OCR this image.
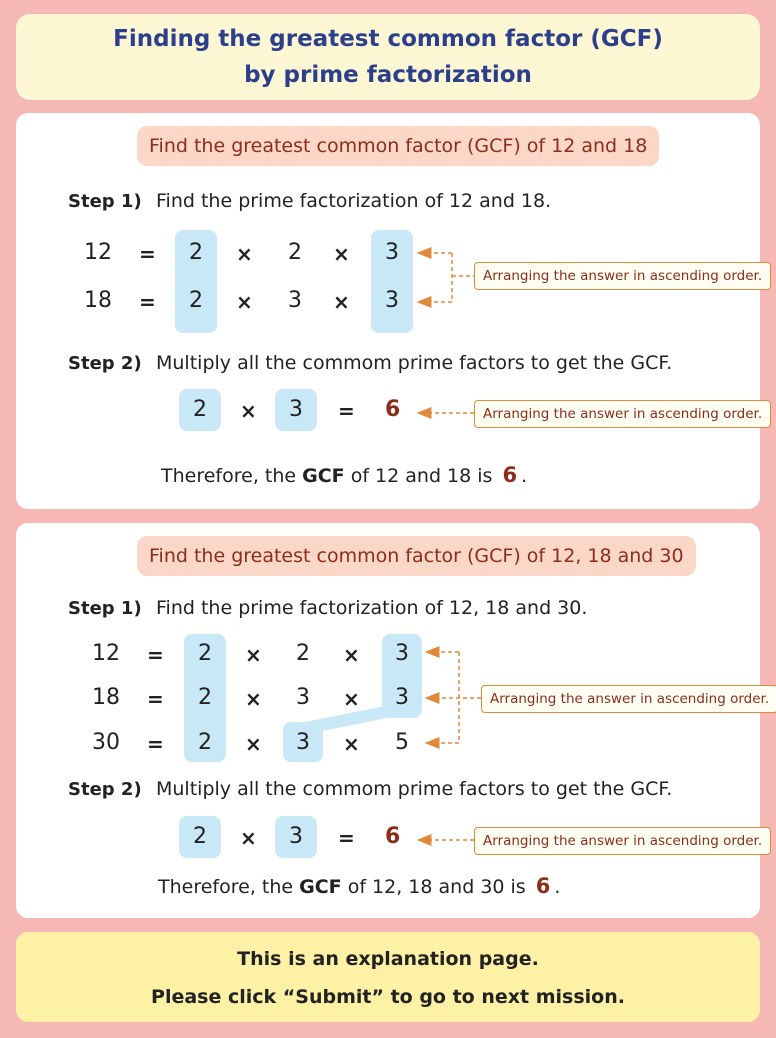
Finding the greatest common factor (GCF)
by prime factorization
Find the greatest common factor (GCF) of 12 and 18
Step 1) Find the prime factorization of 12 and 18.
12 =	2	×	2	×	3
18 =	2	×	3	×	3
Arranging the answer in ascending order.
Step 2) Multiply all the commom prime factors to get the GCF.
2	×	3	= 6	Arranging the answer in ascending order.
Therefore, the GCF of 12 and 18 is 6 .
Find the greatest common factor (GCF) of 12, 18 and 30
Step 1) Find the prime factorization of 12, 18 and 30.
12 =	2	×	2	×	3
18 =	2	×	3	×	3
30 =	2	×	3	×	5
Arranging the answer in ascending order.
Step 2) Multiply all the commom prime factors to get the GCF.
2	×	3	= 6	Arranging the answer in ascending order.
Therefore, the GCF of 12, 18 and 30 is 6 .
This is an explanation page.
Please click “Submit” to go to next mission.
